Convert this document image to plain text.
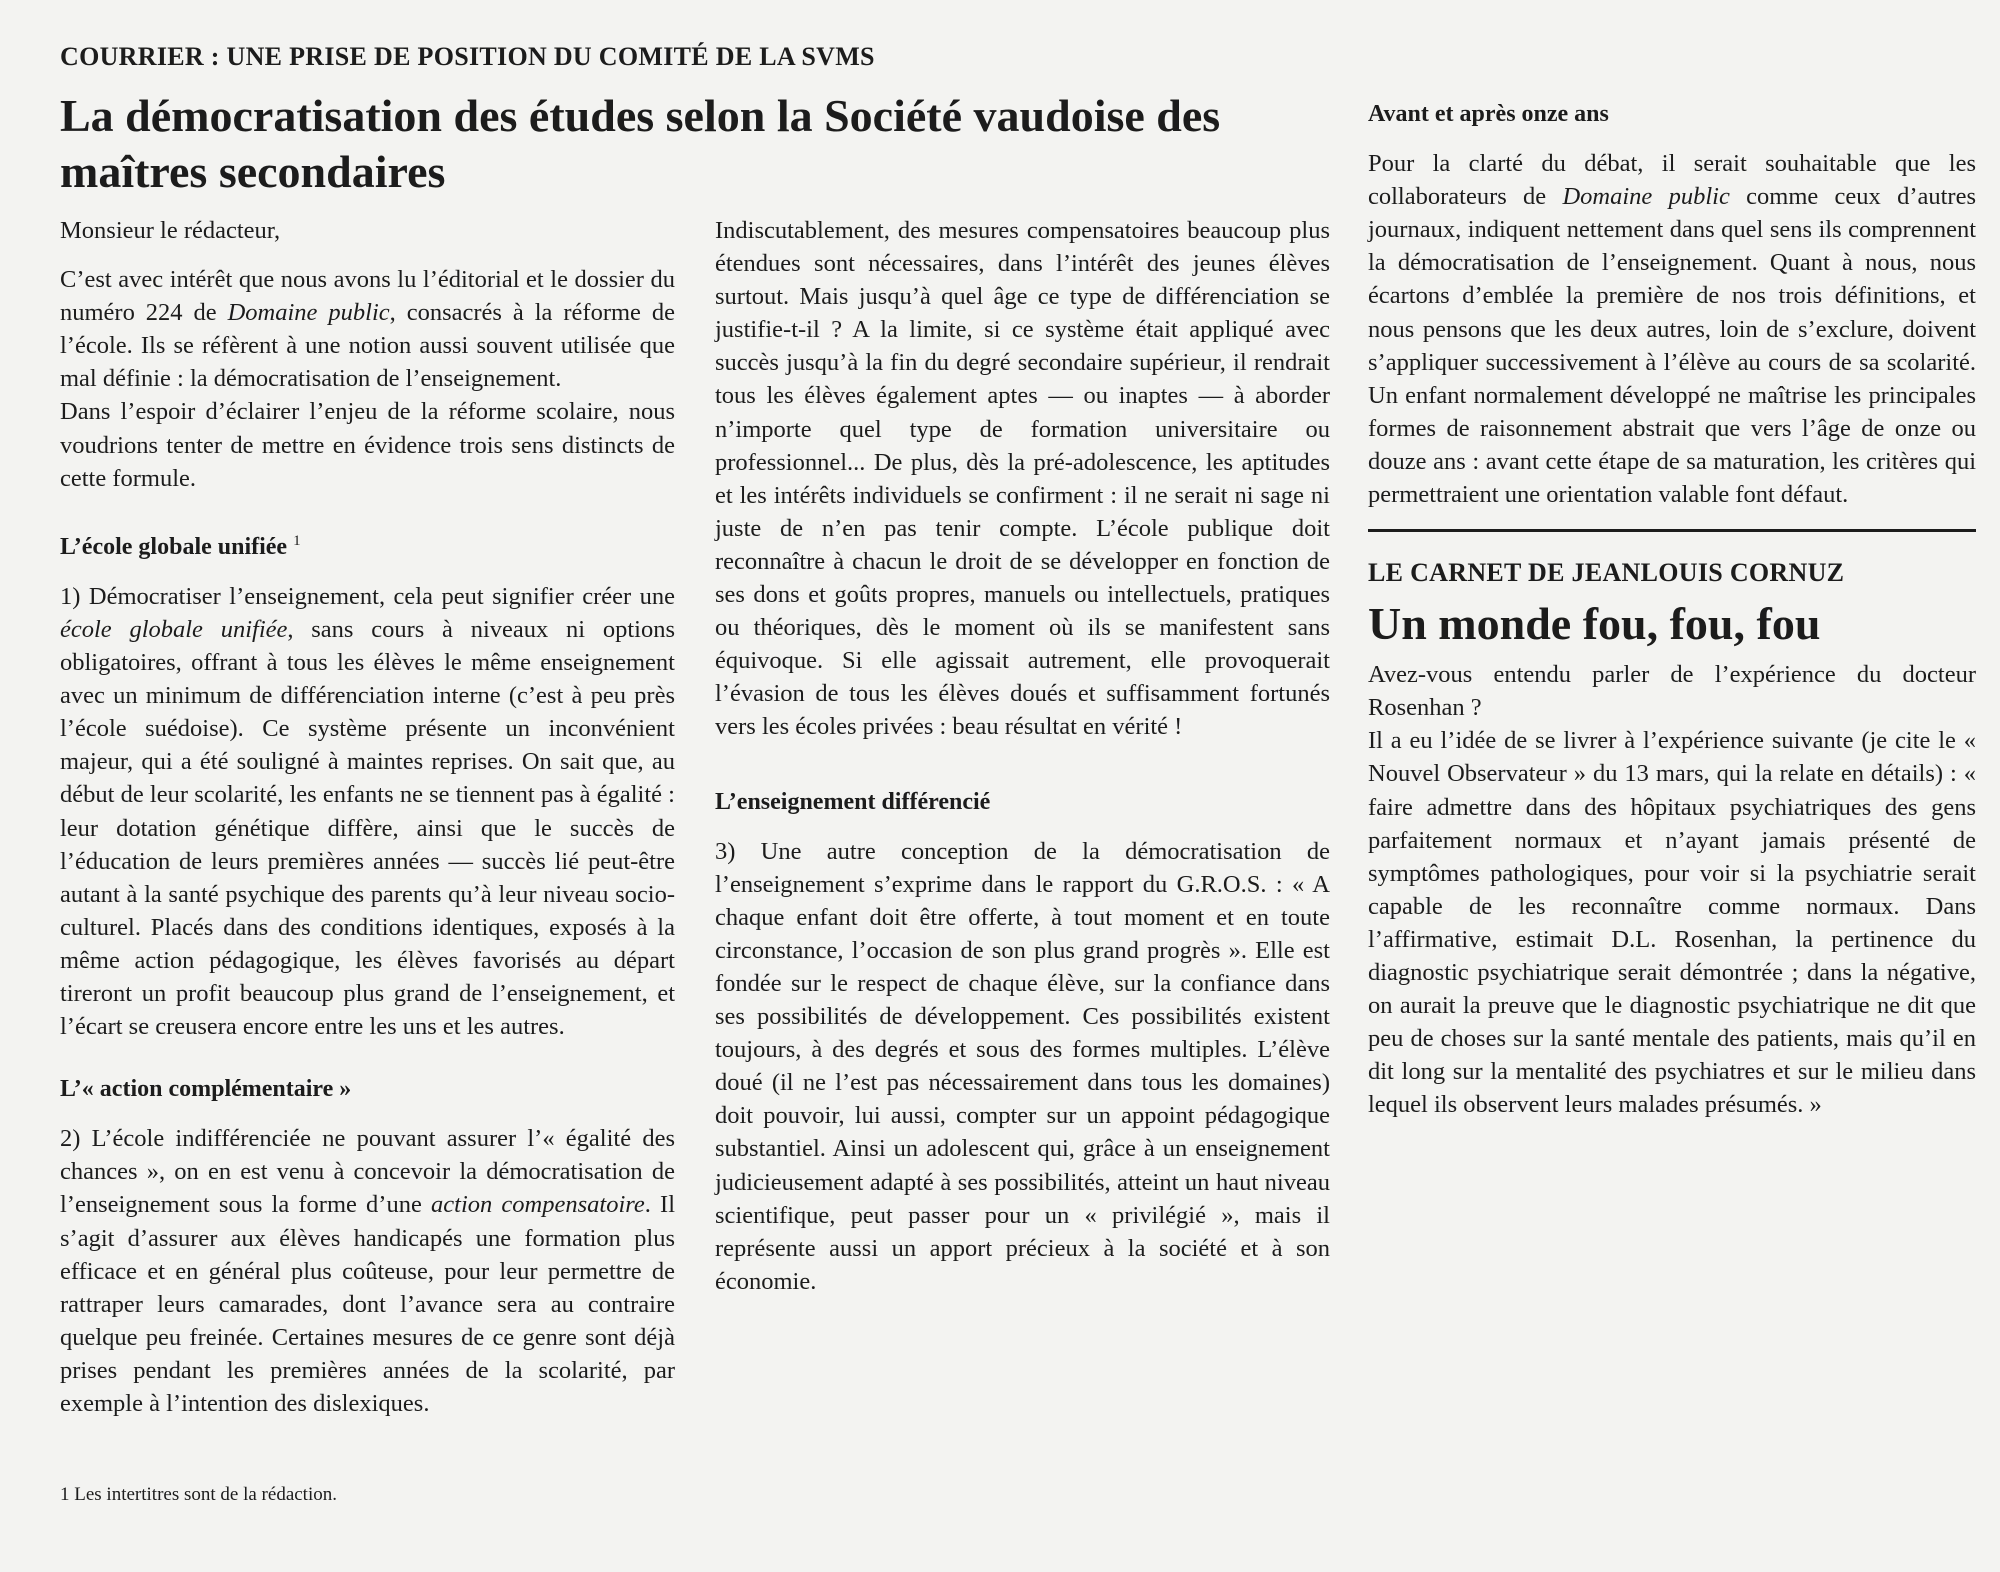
COURRIER : UNE PRISE DE POSITION DU COMITÉ DE LA SVMS
La démocratisation des études selon la Société vaudoise des maîtres secondaires

Monsieur le rédacteur,

C’est avec intérêt que nous avons lu l’éditorial et le dossier du numéro 224 de Domaine public, consacrés à la réforme de l’école. Ils se réfèrent à une notion aussi souvent utilisée que mal définie : la démocratisation de l’enseignement.

Dans l’espoir d’éclairer l’enjeu de la réforme scolaire, nous voudrions tenter de mettre en évidence trois sens distincts de cette formule.

L’école globale unifiée $^1$

1) Démocratiser l’enseignement, cela peut signifier créer une école globale unifiée, sans cours à niveaux ni options obligatoires, offrant à tous les élèves le même enseignement avec un minimum de différenciation interne (c’est à peu près l’école suédoise). Ce système présente un inconvénient majeur, qui a été souligné à maintes reprises. On sait que, au début de leur scolarité, les enfants ne se tiennent pas à égalité : leur dotation génétique diffère, ainsi que le succès de l’éducation de leurs premières années — succès lié peut-être autant à la santé psychique des parents qu’à leur niveau socio-culturel. Placés dans des conditions identiques, exposés à la même action pédagogique, les élèves favorisés au départ tireront un profit beaucoup plus grand de l’enseignement, et l’écart se creusera encore entre les uns et les autres.

L’« action complémentaire »

2) L’école indifférenciée ne pouvant assurer l’« égalité des chances », on en est venu à concevoir la démocratisation de l’enseignement sous la forme d’une action compensatoire. Il s’agit d’assurer aux élèves handicapés une formation plus efficace et en général plus coûteuse, pour leur permettre de rattraper leurs camarades, dont l’avance sera au contraire quelque peu freinée. Certaines mesures de ce genre sont déjà prises pendant les premières années de la scolarité, par exemple à l’intention des dislexiques.

Indiscutablement, des mesures compensatoires beaucoup plus étendues sont nécessaires, dans l’intérêt des jeunes élèves surtout. Mais jusqu’à quel âge ce type de différenciation se justifie-t-il ? A la limite, si ce système était appliqué avec succès jusqu’à la fin du degré secondaire supérieur, il rendrait tous les élèves également aptes — ou inaptes — à aborder n’importe quel type de formation universitaire ou professionnel... De plus, dès la pré-adolescence, les aptitudes et les intérêts individuels se confirment : il ne serait ni sage ni juste de n’en pas tenir compte. L’école publique doit reconnaître à chacun le droit de se développer en fonction de ses dons et goûts propres, manuels ou intellectuels, pratiques ou théoriques, dès le moment où ils se manifestent sans équivoque. Si elle agissait autrement, elle provoquerait l’évasion de tous les élèves doués et suffisamment fortunés vers les écoles privées : beau résultat en vérité !

L’enseignement différencié

3) Une autre conception de la démocratisation de l’enseignement s’exprime dans le rapport du G.R.O.S. : « A chaque enfant doit être offerte, à tout moment et en toute circonstance, l’occasion de son plus grand progrès ». Elle est fondée sur le respect de chaque élève, sur la confiance dans ses possibilités de développement. Ces possibilités existent toujours, à des degrés et sous des formes multiples. L’élève doué (il ne l’est pas nécessairement dans tous les domaines) doit pouvoir, lui aussi, compter sur un appoint pédagogique substantiel. Ainsi un adolescent qui, grâce à un enseignement judicieusement adapté à ses possibilités, atteint un haut niveau scientifique, peut passer pour un « privilégié », mais il représente aussi un apport précieux à la société et à son économie.

Avant et après onze ans

Pour la clarté du débat, il serait souhaitable que les collaborateurs de Domaine public comme ceux d’autres journaux, indiquent nettement dans quel sens ils comprennent la démocratisation de l’enseignement. Quant à nous, nous écartons d’emblée la première de nos trois définitions, et nous pensons que les deux autres, loin de s’exclure, doivent s’appliquer successivement à l’élève au cours de sa scolarité. Un enfant normalement développé ne maîtrise les principales formes de raisonnement abstrait que vers l’âge de onze ou douze ans : avant cette étape de sa maturation, les critères qui permettraient une orientation valable font défaut.

LE CARNET DE JEANLOUIS CORNUZ

Un monde fou, fou, fou

Avez-vous entendu parler de l’expérience du docteur Rosenhan ?

Il a eu l’idée de se livrer à l’expérience suivante (je cite le « Nouvel Observateur » du 13 mars, qui la relate en détails) : « faire admettre dans des hôpitaux psychiatriques des gens parfaitement normaux et n’ayant jamais présenté de symptômes pathologiques, pour voir si la psychiatrie serait capable de les reconnaître comme normaux. Dans l’affirmative, estimait D.L. Rosenhan, la pertinence du diagnostic psychiatrique serait démontrée ; dans la négative, on aurait la preuve que le diagnostic psychiatrique ne dit que peu de choses sur la santé mentale des patients, mais qu’il en dit long sur la mentalité des psychiatres et sur le milieu dans lequel ils observent leurs malades présumés. »

1 Les intertitres sont de la rédaction.
